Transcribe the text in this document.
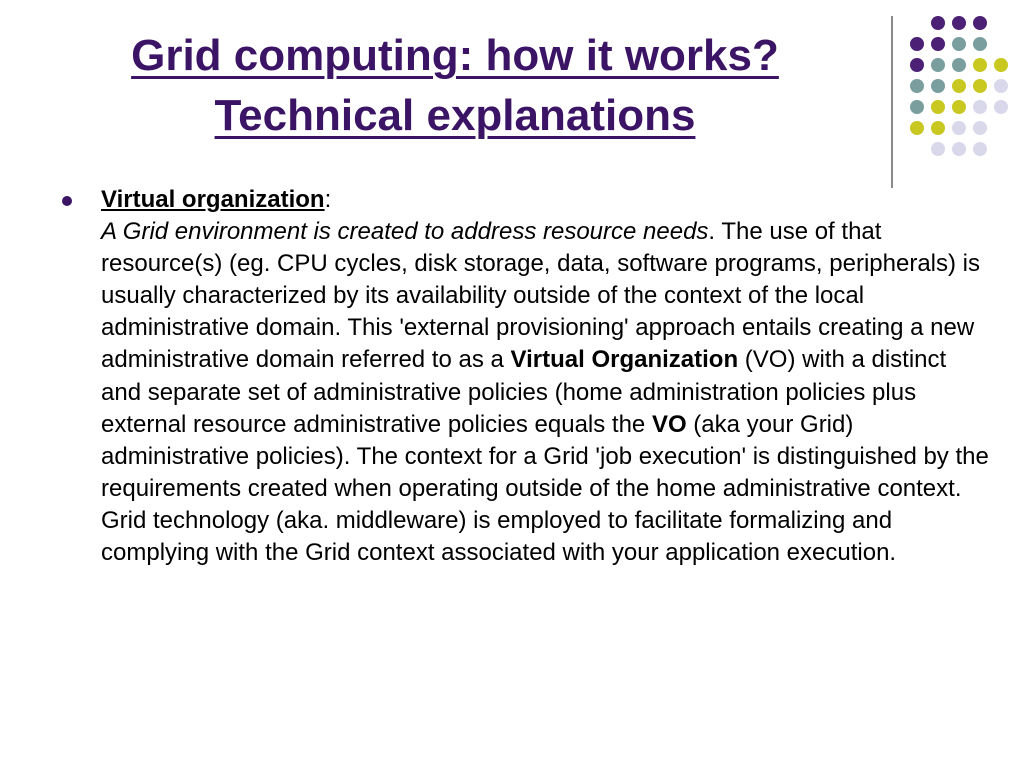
Grid computing: how it works?
Technical explanations
Virtual organization:
A Grid environment is created to address resource needs. The use of that resource(s) (eg. CPU cycles, disk storage, data, software programs, peripherals) is usually characterized by its availability outside of the context of the local administrative domain. This 'external provisioning' approach entails creating a new administrative domain referred to as a Virtual Organization (VO) with a distinct and separate set of administrative policies (home administration policies plus external resource administrative policies equals the VO (aka your Grid) administrative policies). The context for a Grid 'job execution' is distinguished by the requirements created when operating outside of the home administrative context. Grid technology (aka. middleware) is employed to facilitate formalizing and complying with the Grid context associated with your application execution.
